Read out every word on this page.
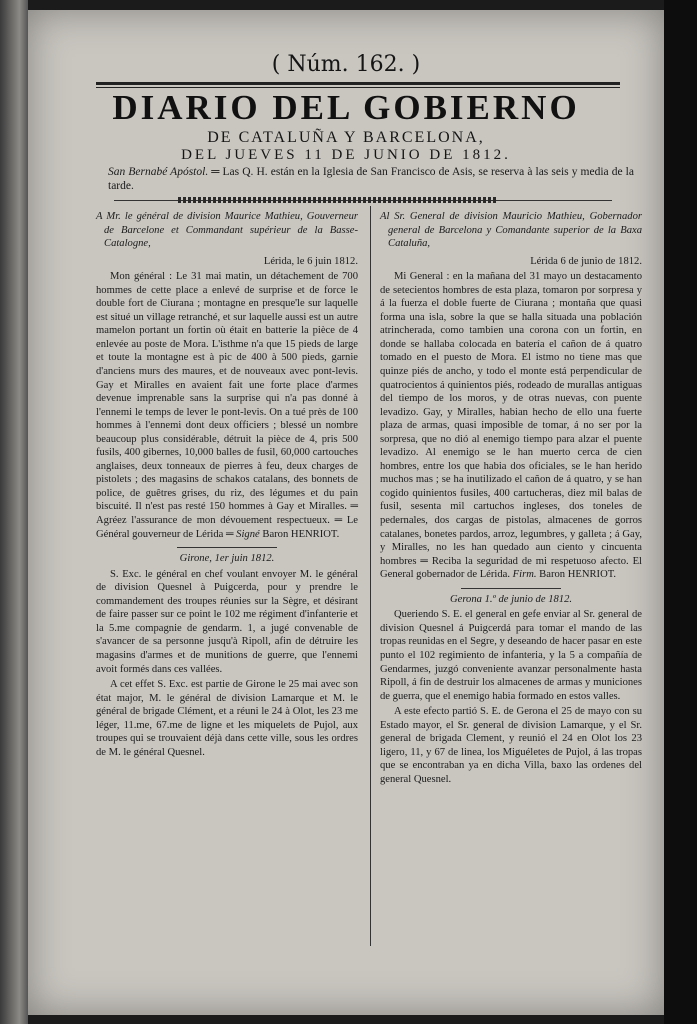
( Núm. 162. )
DIARIO DEL GOBIERNO
DE CATALUÑA Y BARCELONA,
DEL JUEVES 11 DE JUNIO DE 1812.
San Bernabé Apóstol. ═ Las Q. H. están en la Iglesia de San Francisco de Asis, se reserva à las seis y media de la tarde.
A Mr. le général de division Maurice Mathieu, Gouverneur de Barcelone et Commandant supérieur de la Basse-Catalogne,
Lérida, le 6 juin 1812.

Mon général : Le 31 mai matin, un détachement de 700 hommes de cette place a enlevé de surprise et de force le double fort de Ciurana ; montagne en presque'le sur laquelle est situé un village retranché, et sur laquelle aussi est un autre mamelon portant un fortin où était en batterie la pièce de 4 enlevée au poste de Mora. L'isthme n'a que 15 pieds de large et toute la montagne est à pic de 400 à 500 pieds, garnie d'anciens murs des maures, et de nouveaux avec pont-levis. Gay et Miralles en avaient fait une forte place d'armes devenue imprenable sans la surprise qui n'a pas donné à l'ennemi le temps de lever le pont-levis. On a tué près de 100 hommes à l'ennemi dont deux officiers ; blessé un nombre beaucoup plus considérable, détruit la pièce de 4, pris 500 fusils, 400 gibernes, 10,000 balles de fusil, 60,000 cartouches anglaises, deux tonneaux de pierres à feu, deux charges de pistolets ; des magasins de schakos catalans, des bonnets de police, de guêtres grises, du riz, des légumes et du pain biscuité. Il n'est pas resté 150 hommes à Gay et Miralles. ═ Agréez l'assurance de mon dévouement respectueux. ═ Le Général gouverneur de Lérida ═ Signé Baron HENRIOT.

Girone, 1er juin 1812.

S. Exc. le général en chef voulant envoyer M. le général de division Quesnel à Puigcerda, pour y prendre le commandement des troupes réunies sur la Sègre, et désirant de faire passer sur ce point le 102 me régiment d'infanterie et la 5.me compagnie de gendarm. 1, a jugé convenable de s'avancer de sa personne jusqu'à Ripoll, afin de détruire les magasins d'armes et de munitions de guerre, que l'ennemi avoit formés dans ces vallées.

A cet effet S. Exc. est partie de Girone le 25 mai avec son état major, M. le général de division Lamarque et M. le général de brigade Clément, et a réuni le 24 à Olot, les 23 me léger, 11.me, 67.me de ligne et les miquelets de Pujol, aux troupes qui se trouvaient déjà dans cette ville, sous les ordres de M. le général Quesnel.

Al Sr. General de division Mauricio Mathieu, Gobernador general de Barcelona y Comandante superior de la Baxa Cataluña,
Lérida 6 de junio de 1812.

Mi General : en la mañana del 31 mayo un destacamento de setecientos hombres de esta plaza, tomaron por sorpresa y á la fuerza el doble fuerte de Ciurana ; montaña que quasi forma una isla, sobre la que se halla situada una población atrincherada, como tambien una corona con un fortin, en donde se hallaba colocada en batería el cañon de á quatro tomado en el puesto de Mora. El istmo no tiene mas que quinze piés de ancho, y todo el monte está perpendicular de quatrocientos á quinientos piés, rodeado de murallas antiguas del tiempo de los moros, y de otras nuevas, con puente levadizo. Gay, y Miralles, habian hecho de ello una fuerte plaza de armas, quasi imposible de tomar, á no ser por la sorpresa, que no dió al enemigo tiempo para alzar el puente levadizo. Al enemigo se le han muerto cerca de cien hombres, entre los que habia dos oficiales, se le han herido muchos mas ; se ha inutilizado el cañon de á quatro, y se han cogido quinientos fusiles, 400 cartucheras, diez mil balas de fusil, sesenta mil cartuchos ingleses, dos toneles de pedernales, dos cargas de pistolas, almacenes de gorros catalanes, bonetes pardos, arroz, legumbres, y galleta ; á Gay, y Miralles, no les han quedado aun ciento y cincuenta hombres ═ Reciba la seguridad de mi respetuoso afecto. El General gobernador de Lérida. Firm. Baron HENRIOT.

Gerona 1.º de junio de 1812.

Queriendo S. E. el general en gefe enviar al Sr. general de division Quesnel á Puigcerdá para tomar el mando de las tropas reunidas en el Segre, y deseando de hacer pasar en este punto el 102 regimiento de infanteria, y la 5 a compañía de Gendarmes, juzgó conveniente avanzar personalmente hasta Ripoll, á fin de destruir los almacenes de armas y municiones de guerra, que el enemigo habia formado en estos valles.

A este efecto partió S. E. de Gerona el 25 de mayo con su Estado mayor, el Sr. general de division Lamarque, y el Sr. general de brigada Clement, y reunió el 24 en Olot los 23 ligero, 11, y 67 de linea, los Miguéletes de Pujol, á las tropas que se encontraban ya en dicha Villa, baxo las ordenes del general Quesnel.
